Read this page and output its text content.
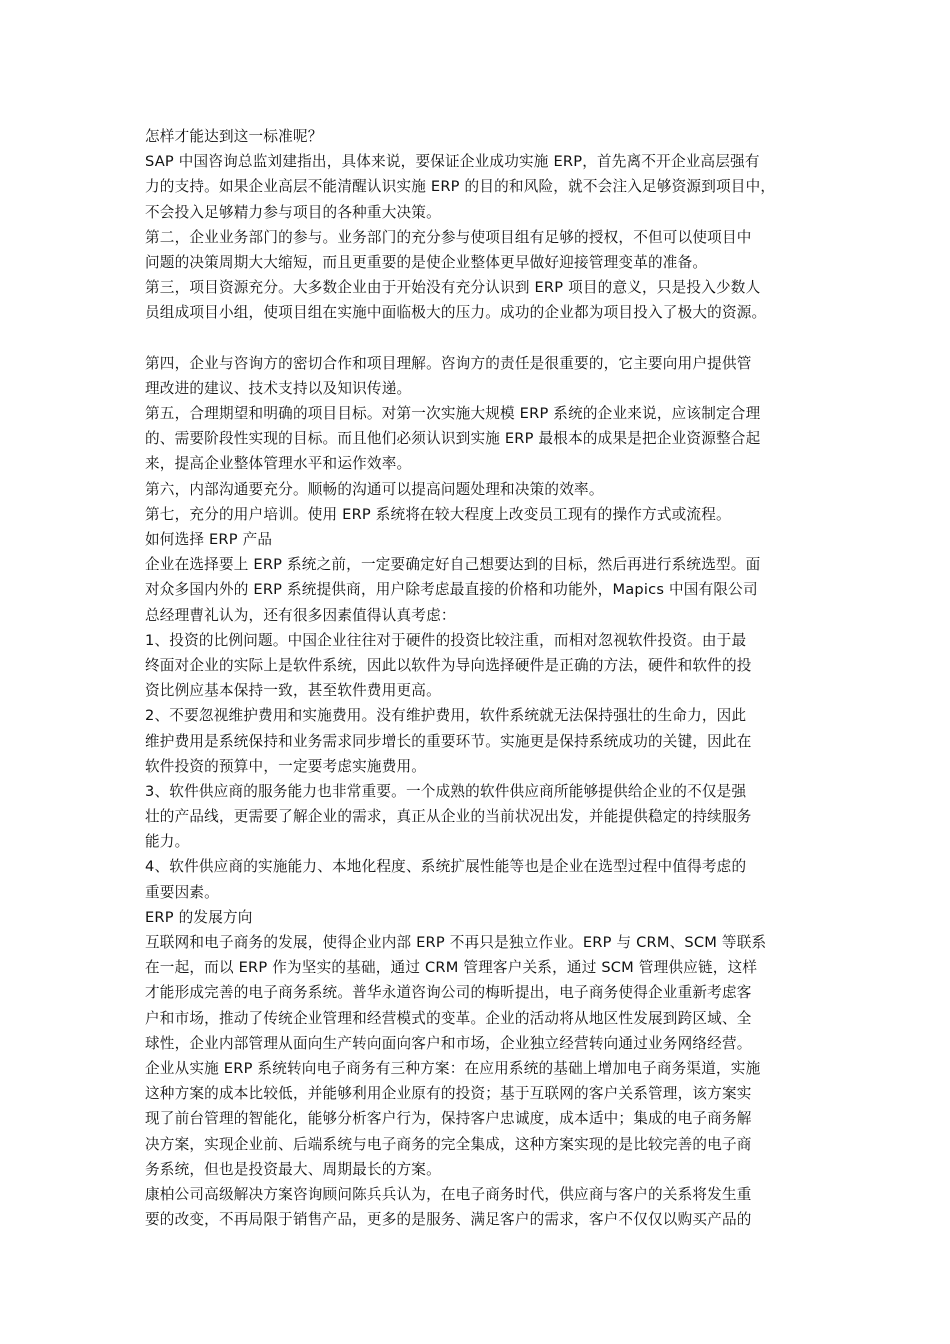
怎样才能达到这一标准呢？
SAP 中国咨询总监刘建指出，具体来说，要保证企业成功实施 ERP，首先离不开企业高层强有
力的支持。如果企业高层不能清醒认识实施 ERP 的目的和风险，就不会注入足够资源到项目中，
不会投入足够精力参与项目的各种重大决策。
第二，企业业务部门的参与。业务部门的充分参与使项目组有足够的授权，不但可以使项目中
问题的决策周期大大缩短，而且更重要的是使企业整体更早做好迎接管理变革的准备。
第三，项目资源充分。大多数企业由于开始没有充分认识到 ERP 项目的意义，只是投入少数人
员组成项目小组，使项目组在实施中面临极大的压力。成功的企业都为项目投入了极大的资源。
第四，企业与咨询方的密切合作和项目理解。咨询方的责任是很重要的，它主要向用户提供管
理改进的建议、技术支持以及知识传递。
第五，合理期望和明确的项目目标。对第一次实施大规模 ERP 系统的企业来说，应该制定合理
的、需要阶段性实现的目标。而且他们必须认识到实施 ERP 最根本的成果是把企业资源整合起
来，提高企业整体管理水平和运作效率。
第六，内部沟通要充分。顺畅的沟通可以提高问题处理和决策的效率。
第七，充分的用户培训。使用 ERP 系统将在较大程度上改变员工现有的操作方式或流程。
如何选择 ERP 产品
企业在选择要上 ERP 系统之前，一定要确定好自己想要达到的目标，然后再进行系统选型。面
对众多国内外的 ERP 系统提供商，用户除考虑最直接的价格和功能外，Mapics 中国有限公司
总经理曹礼认为，还有很多因素值得认真考虑：
1、投资的比例问题。中国企业往往对于硬件的投资比较注重，而相对忽视软件投资。由于最
终面对企业的实际上是软件系统，因此以软件为导向选择硬件是正确的方法，硬件和软件的投
资比例应基本保持一致，甚至软件费用更高。
2、不要忽视维护费用和实施费用。没有维护费用，软件系统就无法保持强壮的生命力，因此
维护费用是系统保持和业务需求同步增长的重要环节。实施更是保持系统成功的关键，因此在
软件投资的预算中，一定要考虑实施费用。
3、软件供应商的服务能力也非常重要。一个成熟的软件供应商所能够提供给企业的不仅是强
壮的产品线，更需要了解企业的需求，真正从企业的当前状况出发，并能提供稳定的持续服务
能力。
4、软件供应商的实施能力、本地化程度、系统扩展性能等也是企业在选型过程中值得考虑的
重要因素。
ERP 的发展方向
互联网和电子商务的发展，使得企业内部 ERP 不再只是独立作业。ERP 与 CRM、SCM 等联系
在一起，而以 ERP 作为坚实的基础，通过 CRM 管理客户关系，通过 SCM 管理供应链，这样
才能形成完善的电子商务系统。普华永道咨询公司的梅昕提出，电子商务使得企业重新考虑客
户和市场，推动了传统企业管理和经营模式的变革。企业的活动将从地区性发展到跨区域、全
球性，企业内部管理从面向生产转向面向客户和市场，企业独立经营转向通过业务网络经营。
企业从实施 ERP 系统转向电子商务有三种方案：在应用系统的基础上增加电子商务渠道，实施
这种方案的成本比较低，并能够利用企业原有的投资；基于互联网的客户关系管理，该方案实
现了前台管理的智能化，能够分析客户行为，保持客户忠诚度，成本适中；集成的电子商务解
决方案，实现企业前、后端系统与电子商务的完全集成，这种方案实现的是比较完善的电子商
务系统，但也是投资最大、周期最长的方案。
康柏公司高级解决方案咨询顾问陈兵兵认为，在电子商务时代，供应商与客户的关系将发生重
要的改变，不再局限于销售产品，更多的是服务、满足客户的需求，客户不仅仅以购买产品的
